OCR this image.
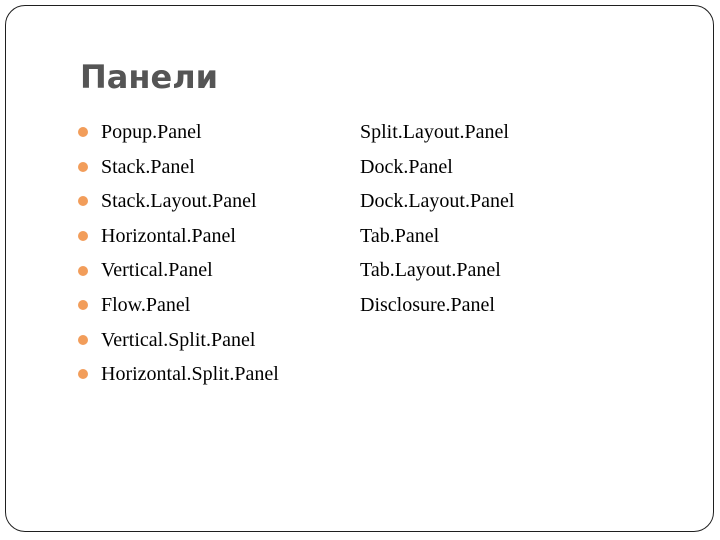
Панели
Popup.Panel
Stack.Panel
Stack.Layout.Panel
Horizontal.Panel
Vertical.Panel
Flow.Panel
Vertical.Split.Panel
Horizontal.Split.Panel
Split.Layout.Panel
Dock.Panel
Dock.Layout.Panel
Tab.Panel
Tab.Layout.Panel
Disclosure.Panel
